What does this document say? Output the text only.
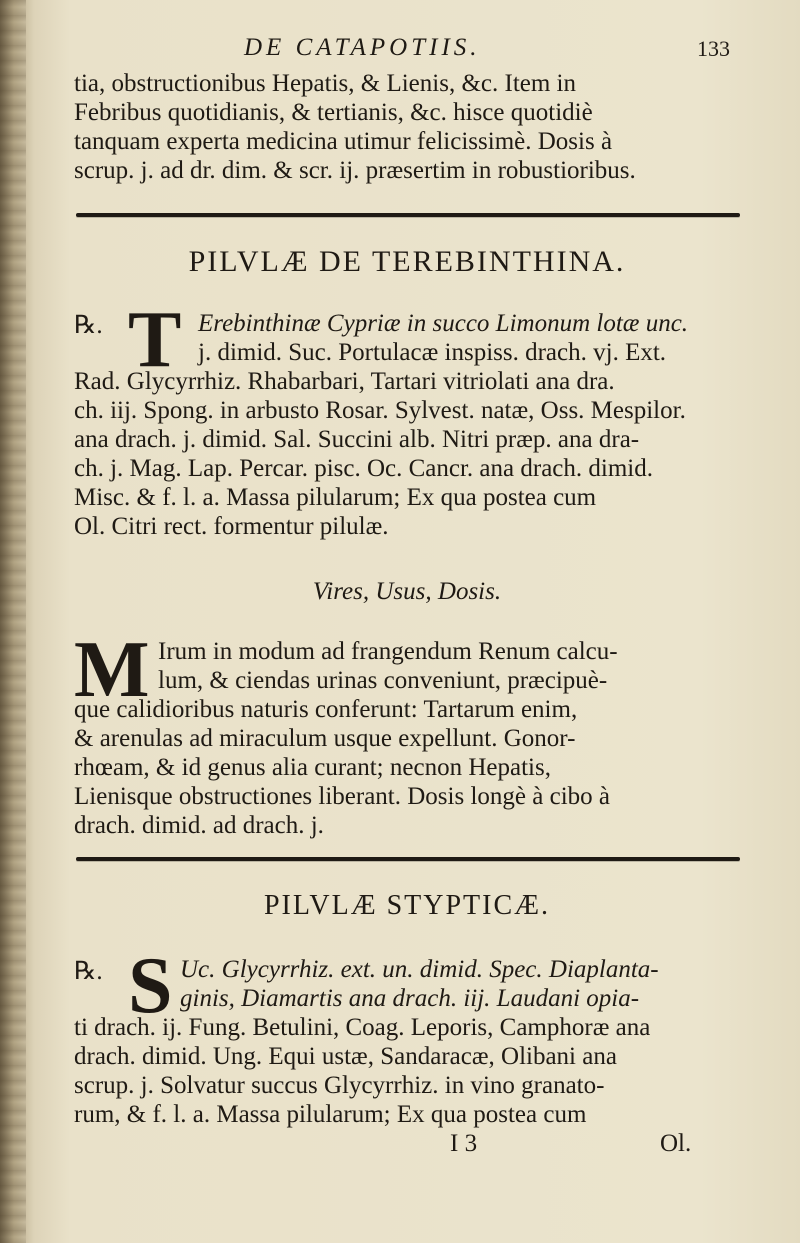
DE CATAPOTIIS.	133
tia, obstructionibus Hepatis, & Lienis, &c. Item in
Febribus quotidianis, & tertianis, &c. hisce quotidiè
tanquam experta medicina utimur felicissimè. Dosis à
scrup. j. ad dr. dim. & scr. ij. præsertim in robustioribus.
PILVLÆ DE TEREBINTHINA.
℞. T Erebinthinæ Cypriæ in succo Limonum lotæ unc.
j. dimid. Suc. Portulacæ inspiss. drach. vj. Ext.
Rad. Glycyrrhiz. Rhabarbari, Tartari vitriolati ana dra.
ch. iij. Spong. in arbusto Rosar. Sylvest. natæ, Oss. Mespilor.
ana drach. j. dimid. Sal. Succini alb. Nitri præp. ana dra-
ch. j. Mag. Lap. Percar. pisc. Oc. Cancr. ana drach. dimid.
Misc. & f. l. a. Massa pilularum; Ex qua postea cum
Ol. Citri rect. formentur pilulæ.
Vires, Usus, Dosis.
M Irum in modum ad frangendum Renum calcu-
lum, & ciendas urinas conveniunt, præcipuè-
que calidioribus naturis conferunt: Tartarum enim,
& arenulas ad miraculum usque expellunt. Gonor-
rhœam, & id genus alia curant; necnon Hepatis,
Lienisque obstructiones liberant. Dosis longè à cibo à
drach. dimid. ad drach. j.
PILVLÆ STYPTICÆ.
℞. S Uc. Glycyrrhiz. ext. un. dimid. Spec. Diaplanta-
ginis, Diamartis ana drach. iij. Laudani opia-
ti drach. ij. Fung. Betulini, Coag. Leporis, Camphoræ ana
drach. dimid. Ung. Equi ustæ, Sandaracæ, Olibani ana
scrup. j. Solvatur succus Glycyrrhiz. in vino granato-
rum, & f. l. a. Massa pilularum; Ex qua postea cum
I 3	Ol.
